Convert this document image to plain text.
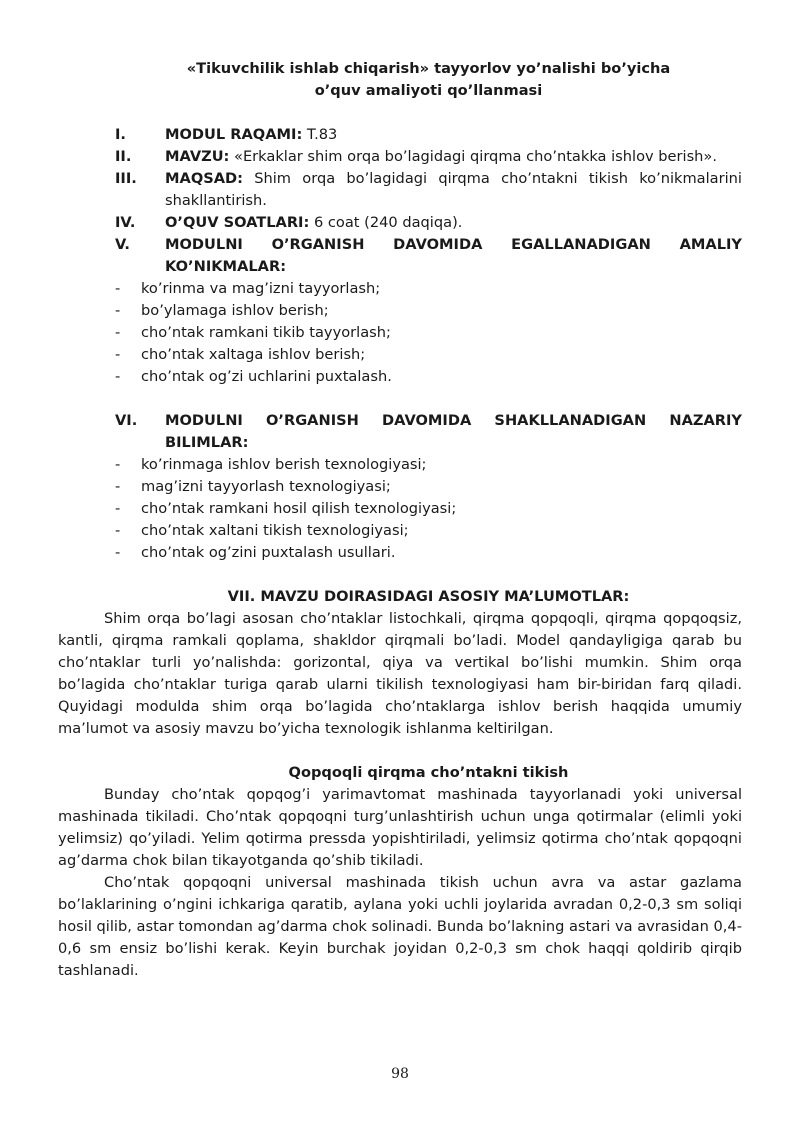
«Tikuvchilik ishlab chiqarish» tayyorlov yo’nalishi bo’yicha
o’quv amaliyoti qo’llanmasi
I.	MODUL RAQAMI: T.83
II.	MAVZU: «Erkaklar shim orqa bo’lagidagi qirqma cho’ntakka ishlov berish».
III.	MAQSAD: Shim orqa bo’lagidagi qirqma cho’ntakni tikish ko’nikmalarini shakllantirish.
IV.	O’QUV SOATLARI: 6 coat (240 daqiqa).
V.	MODULNI O’RGANISH DAVOMIDA EGALLANADIGAN AMALIY KO’NIKMALAR:
-	ko’rinma va mag’izni tayyorlash;
-	bo’ylamaga ishlov berish;
-	cho’ntak ramkani tikib tayyorlash;
-	cho’ntak xaltaga ishlov berish;
-	cho’ntak og’zi uchlarini puxtalash.
VI.	MODULNI O’RGANISH DAVOMIDA SHAKLLANADIGAN NAZARIY BILIMLAR:
-	ko’rinmaga ishlov berish texnologiyasi;
-	mag’izni tayyorlash texnologiyasi;
-	cho’ntak ramkani hosil qilish texnologiyasi;
-	cho’ntak xaltani tikish texnologiyasi;
-	cho’ntak og’zini puxtalash usullari.
VII. MAVZU DOIRASIDAGI ASOSIY MA’LUMOTLAR:
Shim orqa bo’lagi asosan cho’ntaklar listochkali, qirqma qopqoqli, qirqma qopqoqsiz, kantli, qirqma ramkali qoplama, shakldor qirqmali bo’ladi. Model qandayligiga qarab bu cho’ntaklar turli yo’nalishda: gorizontal, qiya va vertikal bo’lishi mumkin. Shim orqa bo’lagida cho’ntaklar turiga qarab ularni tikilish texnologiyasi ham bir-biridan farq qiladi. Quyidagi modulda shim orqa bo’lagida cho’ntaklarga ishlov berish haqqida umumiy ma’lumot va asosiy mavzu bo’yicha texnologik ishlanma keltirilgan.
Qopqoqli qirqma cho’ntakni tikish
Bunday cho’ntak qopqog’i yarimavtomat mashinada tayyorlanadi yoki universal mashinada tikiladi. Cho’ntak qopqoqni turg’unlashtirish uchun unga qotirmalar (elimli yoki yelimsiz) qo’yiladi. Yelim qotirma pressda yopishtiriladi, yelimsiz qotirma cho’ntak qopqoqni ag’darma chok bilan tikayotganda qo’shib tikiladi.
Cho’ntak qopqoqni universal mashinada tikish uchun avra va astar gazlama bo’laklarining o’ngini ichkariga qaratib, aylana yoki uchli joylarida avradan 0,2-0,3 sm soliqi hosil qilib, astar tomondan ag’darma chok solinadi. Bunda bo’lakning astari va avrasidan 0,4-0,6 sm ensiz bo’lishi kerak. Keyin burchak joyidan 0,2-0,3 sm chok haqqi qoldirib qirqib tashlanadi.
98
